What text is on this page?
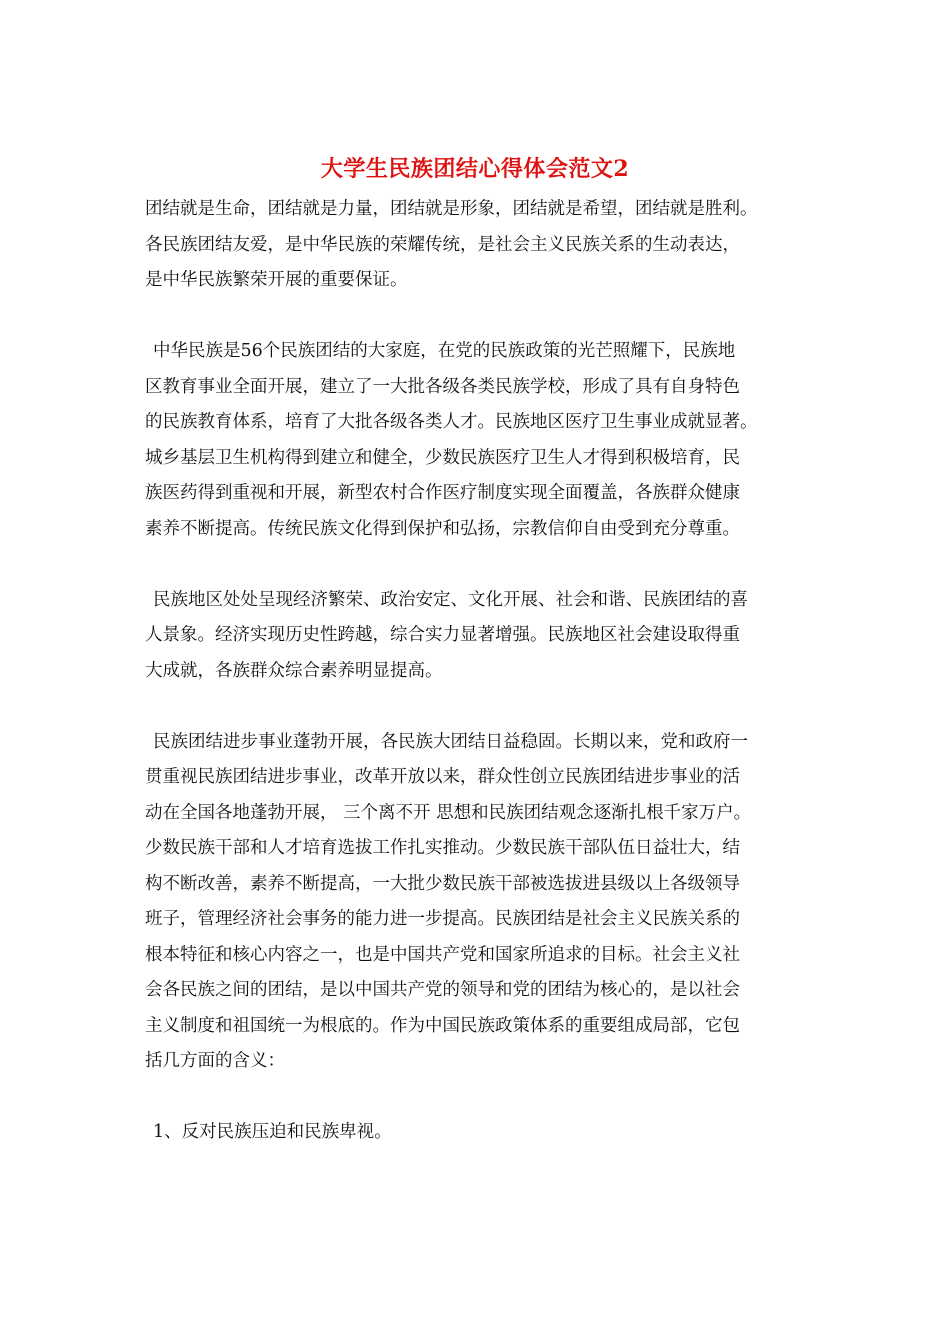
大学生民族团结心得体会范文2
团结就是生命，团结就是力量，团结就是形象，团结就是希望，团结就是胜利。
各民族团结友爱，是中华民族的荣耀传统，是社会主义民族关系的生动表达，
是中华民族繁荣开展的重要保证。
中华民族是56个民族团结的大家庭，在党的民族政策的光芒照耀下，民族地
区教育事业全面开展，建立了一大批各级各类民族学校，形成了具有自身特色
的民族教育体系，培育了大批各级各类人才。民族地区医疗卫生事业成就显著。
城乡基层卫生机构得到建立和健全，少数民族医疗卫生人才得到积极培育，民
族医药得到重视和开展，新型农村合作医疗制度实现全面覆盖，各族群众健康
素养不断提高。传统民族文化得到保护和弘扬，宗教信仰自由受到充分尊重。
民族地区处处呈现经济繁荣、政治安定、文化开展、社会和谐、民族团结的喜
人景象。经济实现历史性跨越，综合实力显著增强。民族地区社会建设取得重
大成就，各族群众综合素养明显提高。
民族团结进步事业蓬勃开展，各民族大团结日益稳固。长期以来，党和政府一
贯重视民族团结进步事业，改革开放以来，群众性创立民族团结进步事业的活
动在全国各地蓬勃开展， 三个离不开 思想和民族团结观念逐渐扎根千家万户。
少数民族干部和人才培育选拔工作扎实推动。少数民族干部队伍日益壮大，结
构不断改善，素养不断提高，一大批少数民族干部被选拔进县级以上各级领导
班子，管理经济社会事务的能力进一步提高。民族团结是社会主义民族关系的
根本特征和核心内容之一，也是中国共产党和国家所追求的目标。社会主义社
会各民族之间的团结，是以中国共产党的领导和党的团结为核心的，是以社会
主义制度和祖国统一为根底的。作为中国民族政策体系的重要组成局部，它包
括几方面的含义：
1、反对民族压迫和民族卑视。
